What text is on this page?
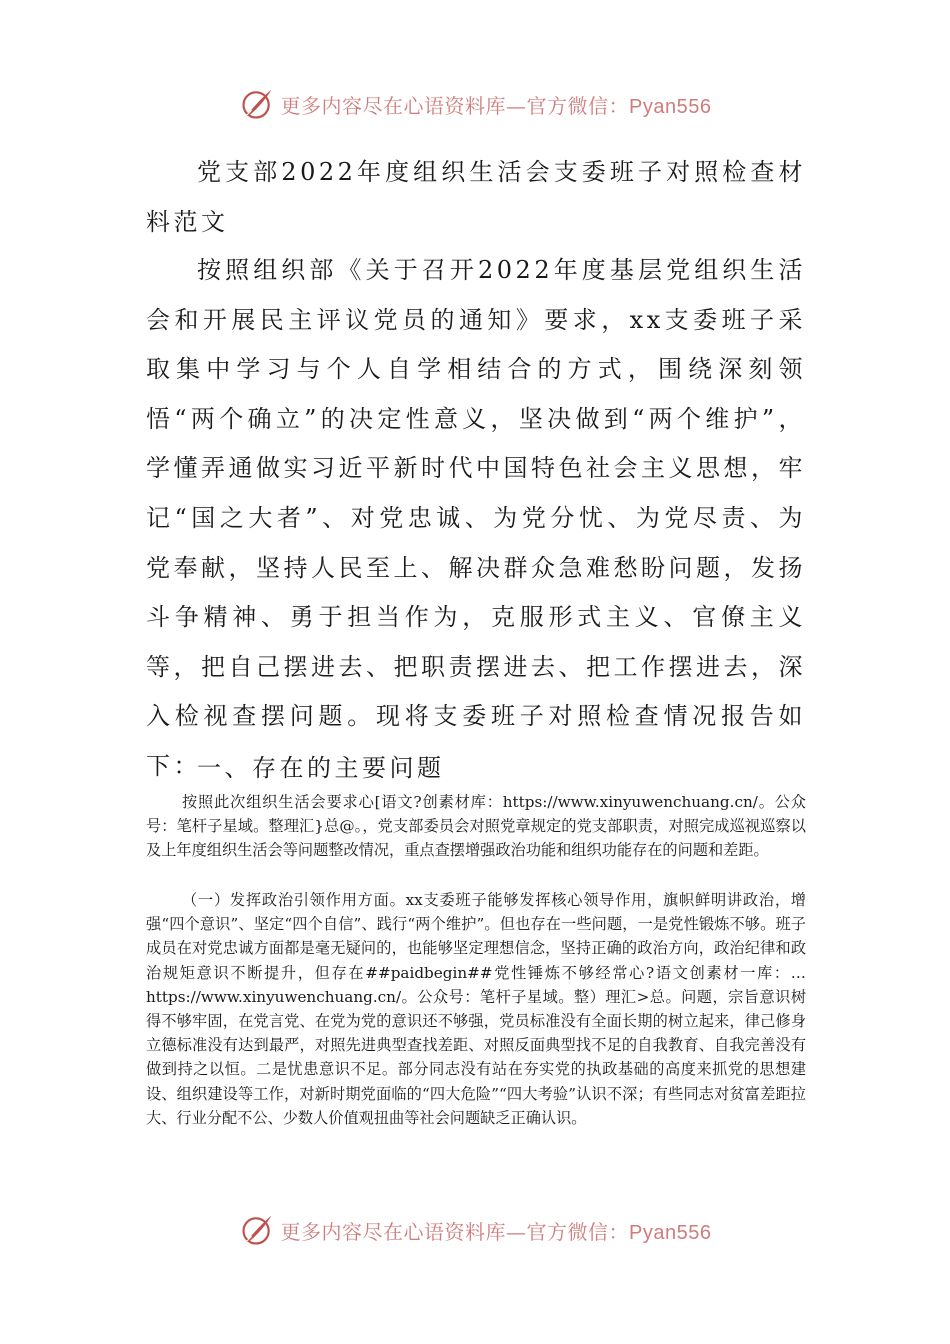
更多内容尽在心语资料库—官方微信：Pyan556

党支部2022年度组织生活会支委班子对照检查材料范文

按照组织部《关于召开2022年度基层党组织生活会和开展民主评议党员的通知》要求，xx支委班子采取集中学习与个人自学相结合的方式，围绕深刻领悟“两个确立”的决定性意义，坚决做到“两个维护”，学懂弄通做实习近平新时代中国特色社会主义思想，牢记“国之大者”、对党忠诚、为党分忧、为党尽责、为党奉献，坚持人民至上、解决群众急难愁盼问题，发扬斗争精神、勇于担当作为，克服形式主义、官僚主义等，把自己摆进去、把职责摆进去、把工作摆进去，深入检视查摆问题。现将支委班子对照检查情况报告如下：

一、存在的主要问题

按照此次组织生活会要求心[语文?创素材库：https://www.xinyuwenchuang.cn/。公众号：笔杆子星域。整理汇}总@。，党支部委员会对照党章规定的党支部职责，对照完成巡视巡察以及上年度组织生活会等问题整改情况，重点查摆增强政治功能和组织功能存在的问题和差距。

（一）发挥政治引领作用方面。xx支委班子能够发挥核心领导作用，旗帜鲜明讲政治，增强“四个意识”、坚定“四个自信”、践行“两个维护”。但也存在一些问题，一是党性锻炼不够。班子成员在对党忠诚方面都是毫无疑问的，也能够坚定理想信念，坚持正确的政治方向，政治纪律和政治规矩意识不断提升，但存在##paidbegin##党性锤炼不够经常心?语文创素材一库：…https://www.xinyuwenchuang.cn/。公众号：笔杆子星域。整）理汇>总。问题，宗旨意识树得不够牢固，在党言党、在党为党的意识还不够强，党员标准没有全面长期的树立起来，律己修身立德标准没有达到最严，对照先进典型查找差距、对照反面典型找不足的自我教育、自我完善没有做到持之以恒。二是忧患意识不足。部分同志没有站在夯实党的执政基础的高度来抓党的思想建设、组织建设等工作，对新时期党面临的“四大危险”“四大考验”认识不深；有些同志对贫富差距拉大、行业分配不公、少数人价值观扭曲等社会问题缺乏正确认识。

更多内容尽在心语资料库—官方微信：Pyan556
